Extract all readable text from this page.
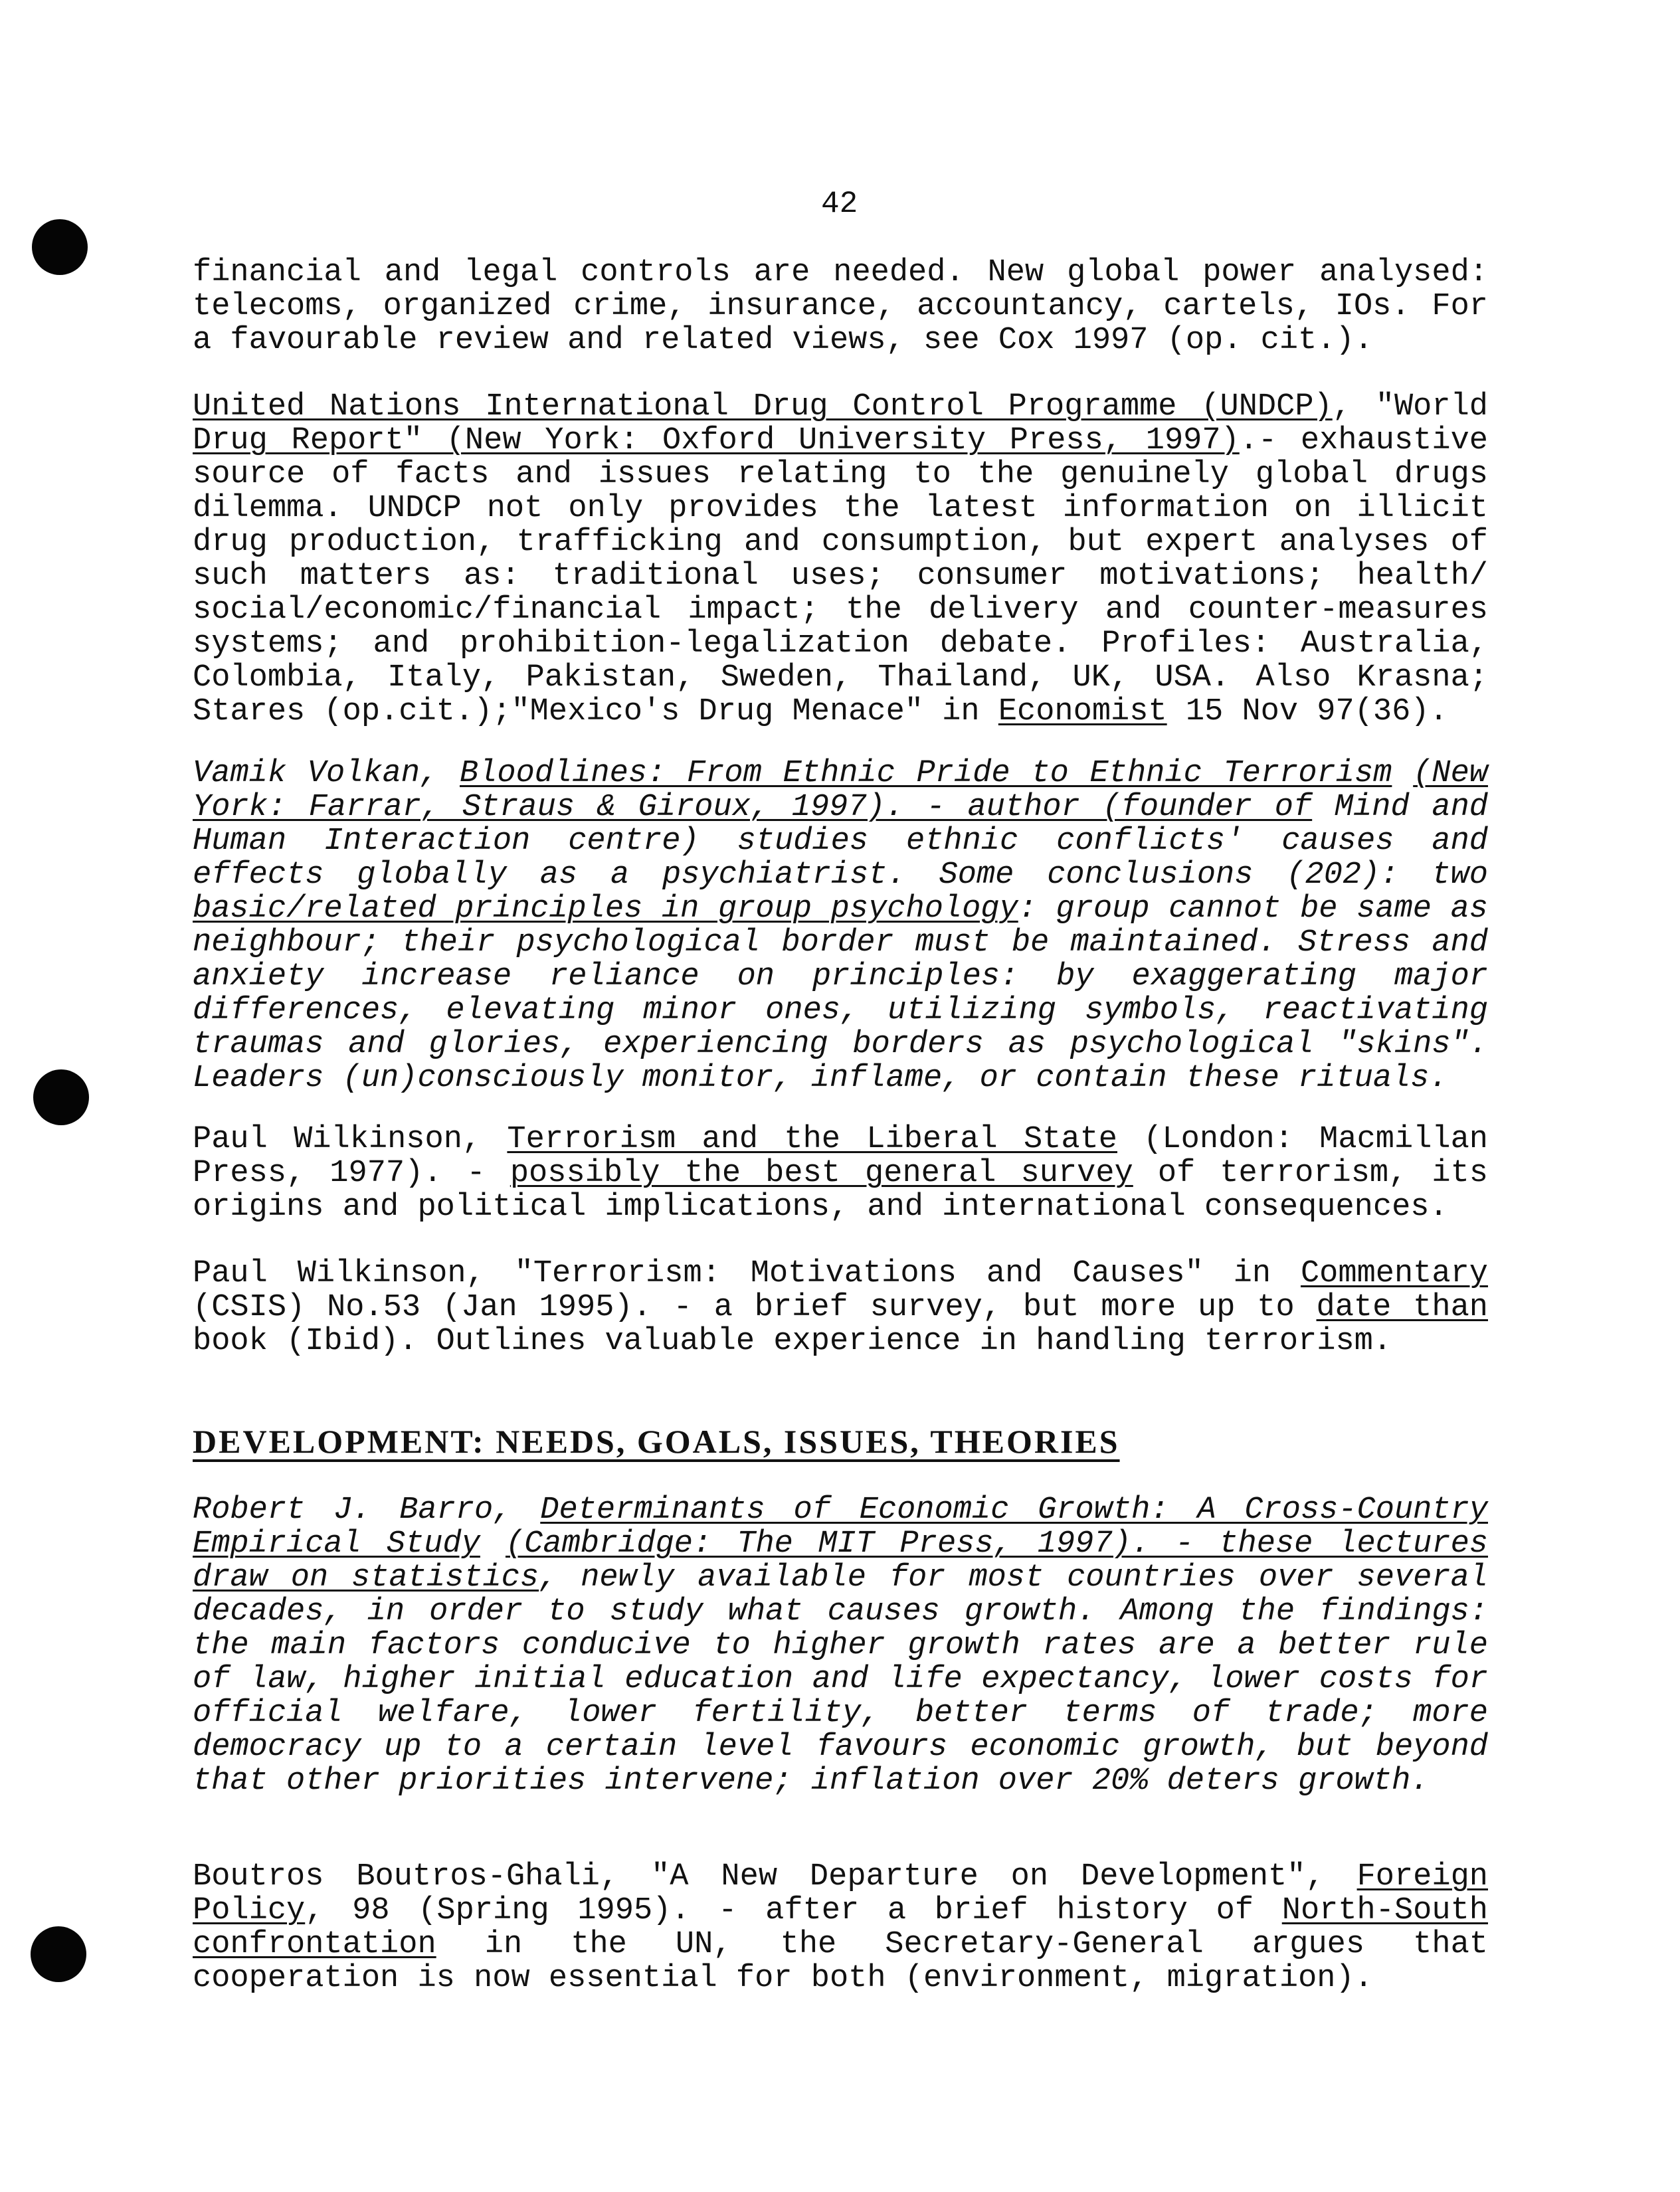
42

financial and legal controls are needed. New global power analysed: telecoms, organized crime, insurance, accountancy, cartels, IOs. For a favourable review and related views, see Cox 1997 (op. cit.).

United Nations International Drug Control Programme (UNDCP), "World Drug Report" (New York: Oxford University Press, 1997).- exhaustive source of facts and issues relating to the genuinely global drugs dilemma. UNDCP not only provides the latest information on illicit drug production, trafficking and consumption, but expert analyses of such matters as: traditional uses; consumer motivations; health/ social/economic/financial impact; the delivery and counter-measures systems; and prohibition-legalization debate. Profiles: Australia, Colombia, Italy, Pakistan, Sweden, Thailand, UK, USA. Also Krasna; Stares (op.cit.);"Mexico's Drug Menace" in Economist 15 Nov 97(36).

Vamik Volkan, Bloodlines: From Ethnic Pride to Ethnic Terrorism (New York: Farrar, Straus & Giroux, 1997). - author (founder of Mind and Human Interaction centre) studies ethnic conflicts' causes and effects globally as a psychiatrist. Some conclusions (202): two basic/related principles in group psychology: group cannot be same as neighbour; their psychological border must be maintained. Stress and anxiety increase reliance on principles: by exaggerating major differences, elevating minor ones, utilizing symbols, reactivating traumas and glories, experiencing borders as psychological "skins". Leaders (un)consciously monitor, inflame, or contain these rituals.

Paul Wilkinson, Terrorism and the Liberal State (London: Macmillan Press, 1977). - possibly the best general survey of terrorism, its origins and political implications, and international consequences.

Paul Wilkinson, "Terrorism: Motivations and Causes" in Commentary (CSIS) No.53 (Jan 1995). - a brief survey, but more up to date than book (Ibid). Outlines valuable experience in handling terrorism.

DEVELOPMENT: NEEDS, GOALS, ISSUES, THEORIES

Robert J. Barro, Determinants of Economic Growth: A Cross-Country Empirical Study (Cambridge: The MIT Press, 1997). - these lectures draw on statistics, newly available for most countries over several decades, in order to study what causes growth. Among the findings: the main factors conducive to higher growth rates are a better rule of law, higher initial education and life expectancy, lower costs for official welfare, lower fertility, better terms of trade; more democracy up to a certain level favours economic growth, but beyond that other priorities intervene; inflation over 20% deters growth.

Boutros Boutros-Ghali, "A New Departure on Development", Foreign Policy, 98 (Spring 1995). - after a brief history of North-South confrontation in the UN, the Secretary-General argues that cooperation is now essential for both (environment, migration).
